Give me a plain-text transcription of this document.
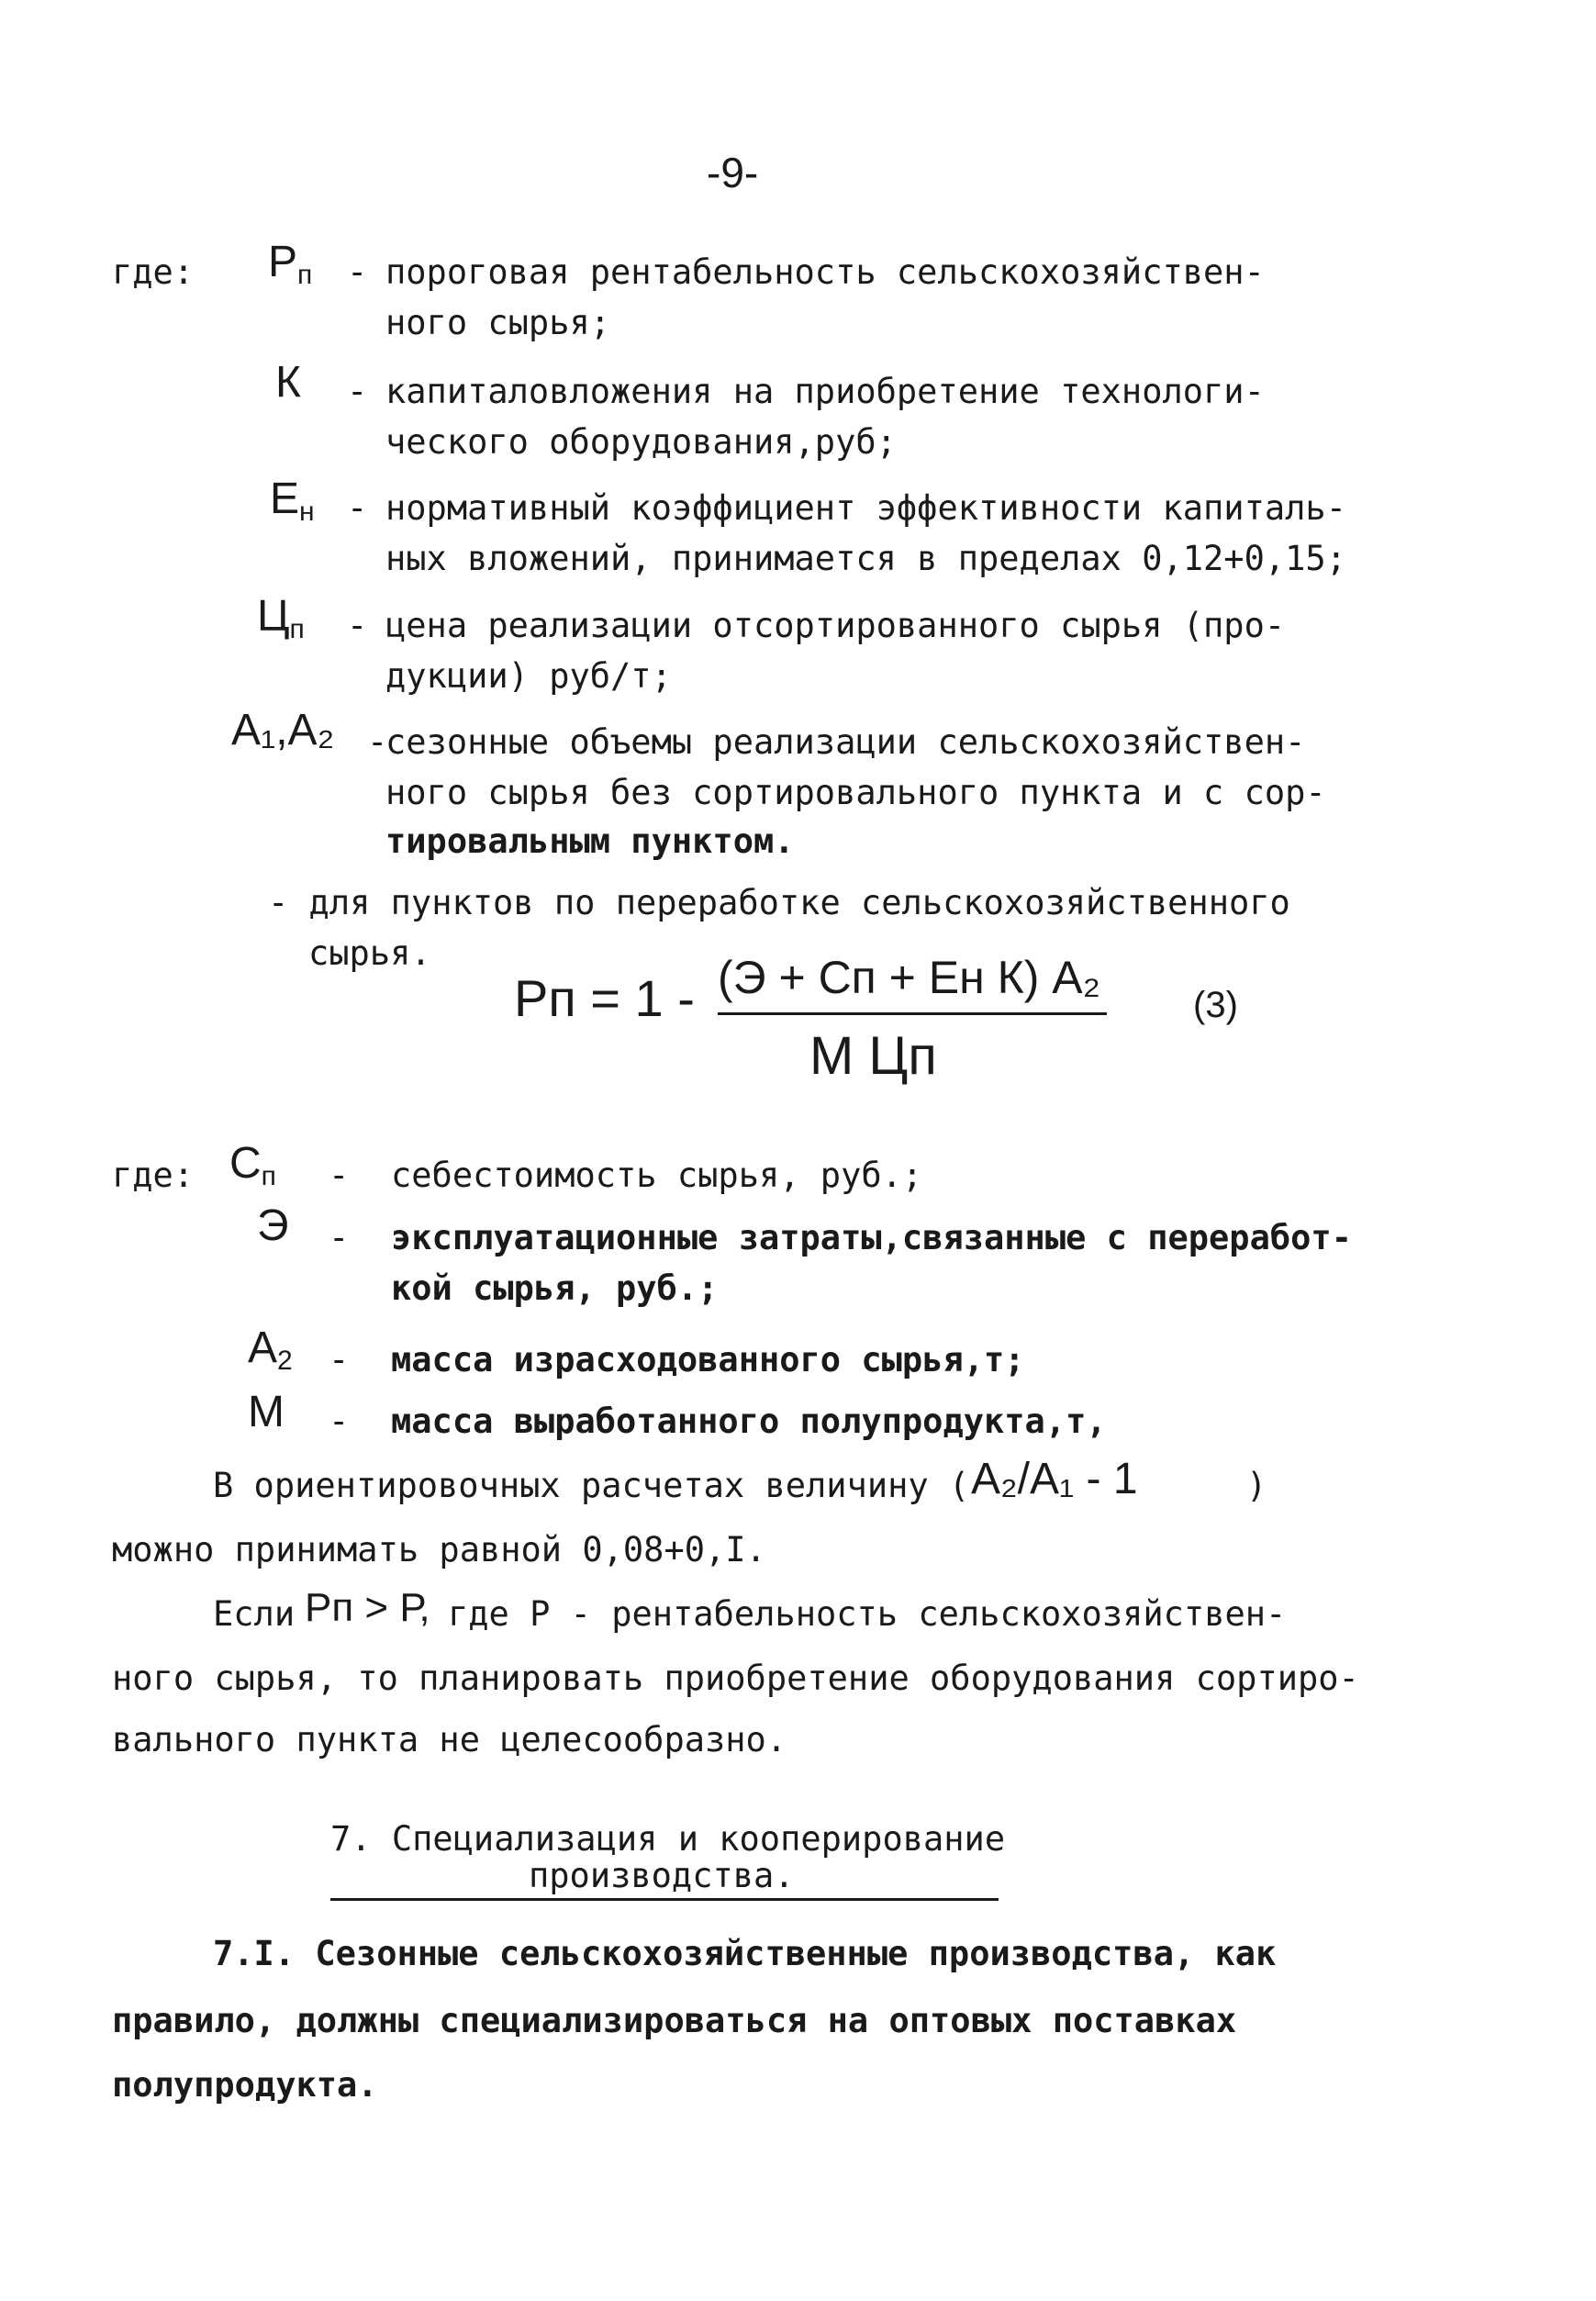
-9-
где: $Р_п$ - пороговая рентабельность сельскохозяйствен-
ного сырья;
К - капиталовложения на приобретение технологи-
ческого оборудования,руб;
$Е_н$ - нормативный коэффициент эффективности капиталь-
ных вложений, принимается в пределах 0,12+0,15;
$Ц_п$ - цена реализации отсортированного сырья (про-
дукции) руб/т;
А₁,А₂ -
сезонные объемы реализации сельскохозяйствен-
ного сырья без сортировального пункта и с сор-
тировальным пунктом.
- для пунктов по переработке сельскохозяйственного
сырья.
Рп = 1 - (Э + Сп + Ен К) А₂
М Цп
(3)
где: $С_п$ - себестоимость сырья, руб.;
Э - эксплуатационные затраты,связанные с переработ-
кой сырья, руб.;
$А_2$ - масса израсходованного сырья,т;
М - масса выработанного полупродукта,т,
В ориентировочных расчетах величину ( А₂/А₁ - 1	)
можно принимать равной 0,08+0,I.
Если Рп > Р, где Р - рентабельность сельскохозяйствен-
ного сырья, то планировать приобретение оборудования сортиро-
вального пункта не целесообразно.
7. Специализация и кооперирование
производства.
7.I. Сезонные сельскохозяйственные производства, как
правило, должны специализироваться на оптовых поставках
полупродукта.
